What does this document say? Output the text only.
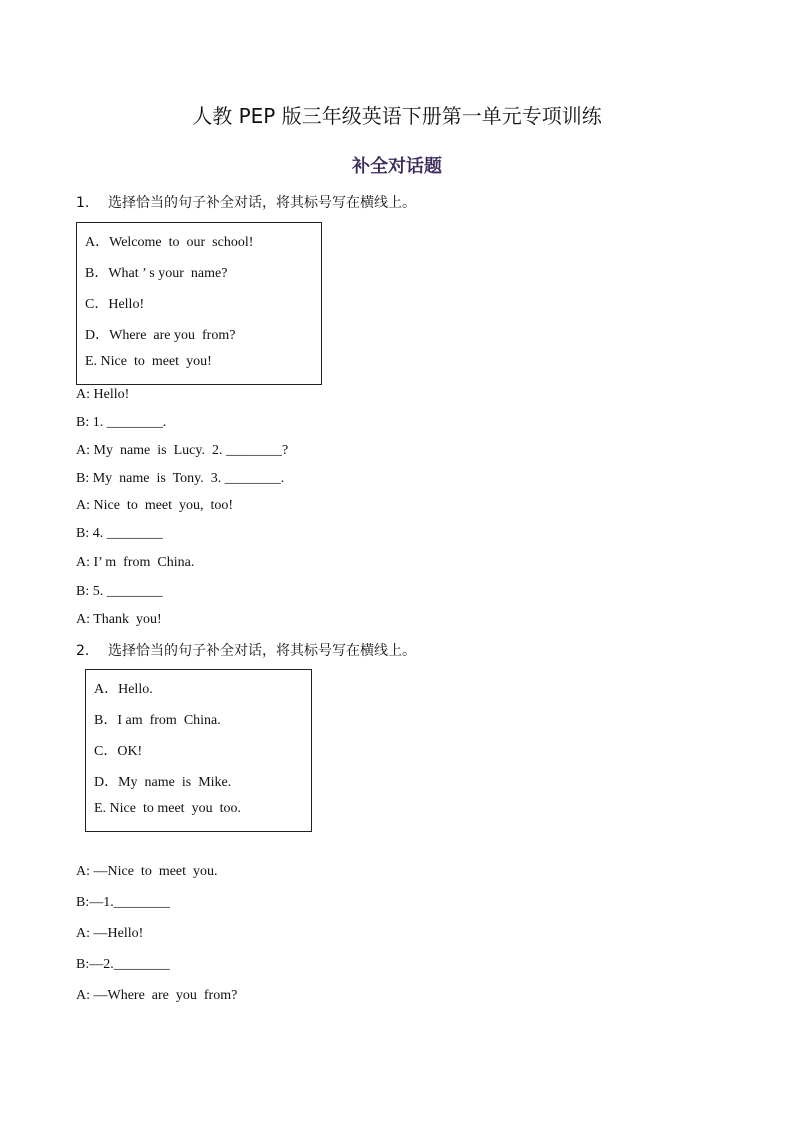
人教 PEP 版三年级英语下册第一单元专项训练
补全对话题
1. 选择恰当的句子补全对话，将其标号写在横线上。
A．Welcome  to  our  school!
B．What ’ s your  name?
C．Hello!
D．Where  are you  from?
E. Nice  to  meet  you!
A: Hello!
B: 1. ________.
A: My  name  is  Lucy.  2. ________?
B: My  name  is  Tony.  3. ________.
A: Nice  to  meet  you,  too!
B: 4. ________
A: I’ m  from  China.
B: 5. ________
A: Thank  you!
2. 选择恰当的句子补全对话，将其标号写在横线上。
A．Hello.
B．I am  from  China.
C．OK!
D．My  name  is  Mike.
E. Nice  to meet  you  too.
A: —Nice  to  meet  you.
B:—1.________
A: —Hello!
B:—2.________
A: —Where  are  you  from?
